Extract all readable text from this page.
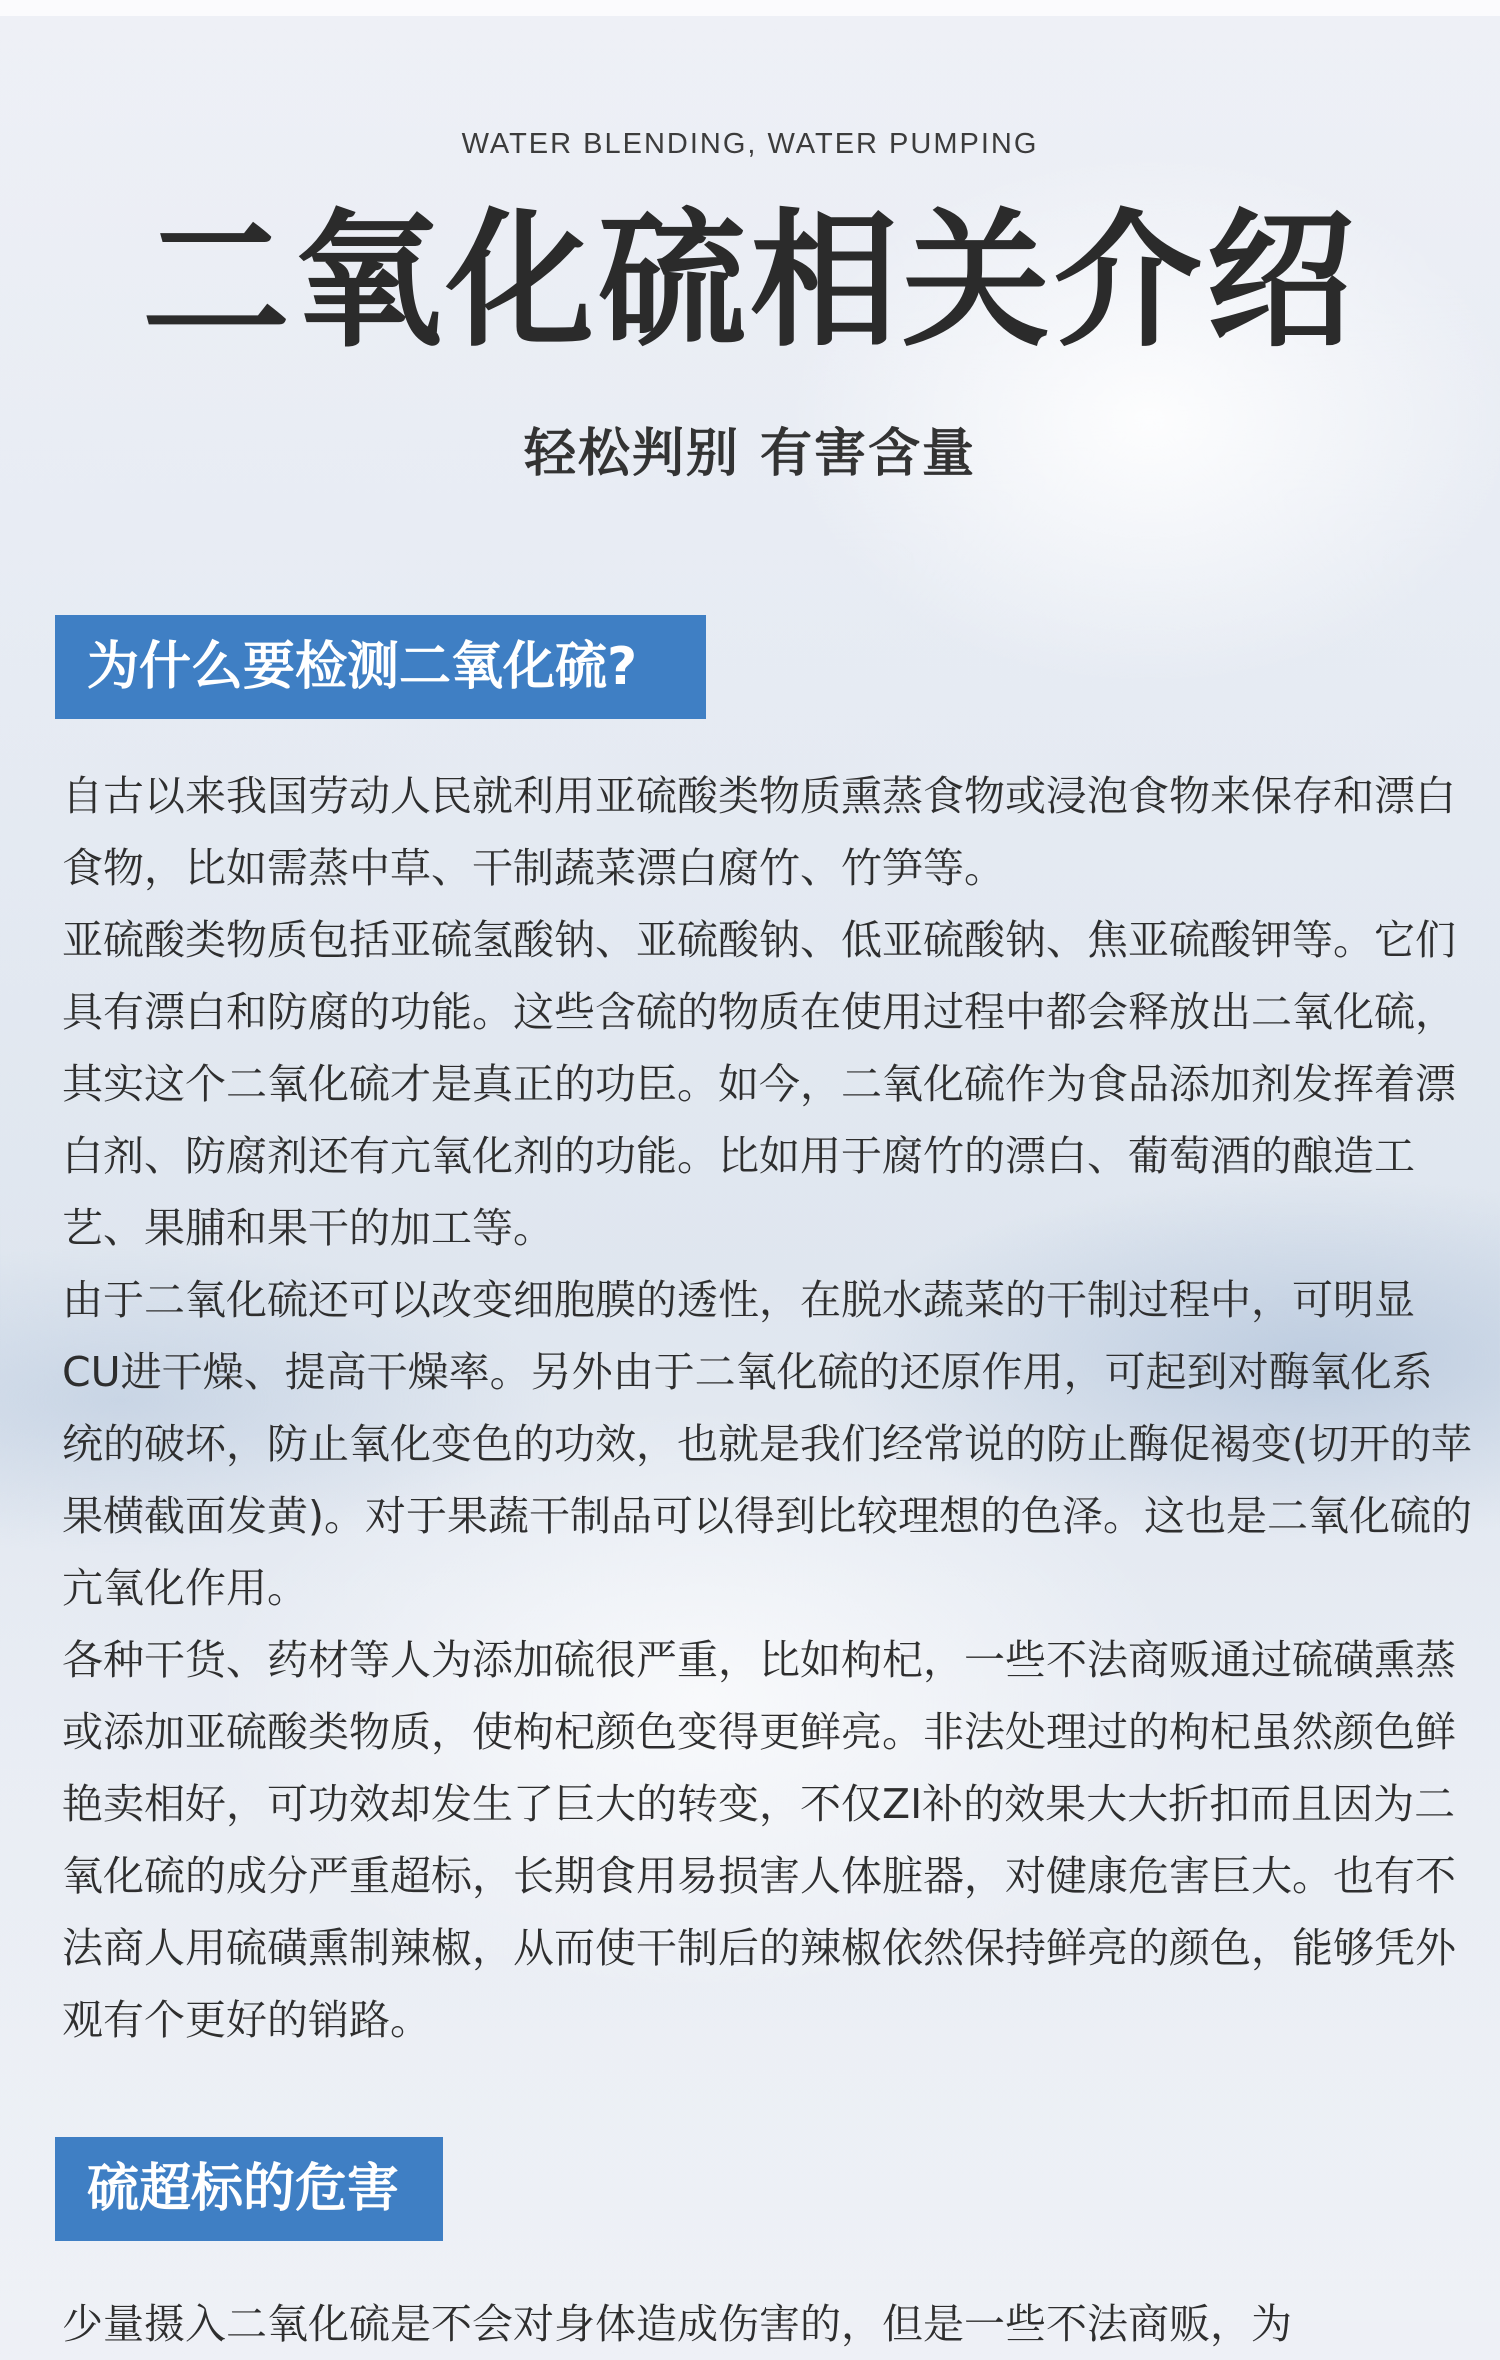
WATER BLENDING, WATER PUMPING
二氧化硫相关介绍
轻松判别 有害含量
为什么要检测二氧化硫?

自古以来我国劳动人民就利用亚硫酸类物质熏蒸食物或浸泡食物来保存和漂白食物，比如需蒸中草、干制蔬菜漂白腐竹、竹笋等。

亚硫酸类物质包括亚硫氢酸钠、亚硫酸钠、低亚硫酸钠、焦亚硫酸钾等。它们具有漂白和防腐的功能。这些含硫的物质在使用过程中都会释放出二氧化硫，其实这个二氧化硫才是真正的功臣。如今，二氧化硫作为食品添加剂发挥着漂白剂、防腐剂还有亢氧化剂的功能。比如用于腐竹的漂白、葡萄酒的酿造工艺、果脯和果干的加工等。

由于二氧化硫还可以改变细胞膜的透性，在脱水蔬菜的干制过程中，可明显CU进干燥、提高干燥率。另外由于二氧化硫的还原作用，可起到对酶氧化系统的破坏，防止氧化变色的功效，也就是我们经常说的防止酶促褐变(切开的苹果横截面发黄)。对于果蔬干制品可以得到比较理想的色泽。这也是二氧化硫的亢氧化作用。

各种干货、药材等人为添加硫很严重，比如枸杞，一些不法商贩通过硫磺熏蒸或添加亚硫酸类物质，使枸杞颜色变得更鲜亮。非法处理过的枸杞虽然颜色鲜艳卖相好，可功效却发生了巨大的转变，不仅ZI补的效果大大折扣而且因为二氧化硫的成分严重超标，长期食用易损害人体脏器，对健康危害巨大。也有不法商人用硫磺熏制辣椒，从而使干制后的辣椒依然保持鲜亮的颜色，能够凭外观有个更好的销路。

硫超标的危害

少量摄入二氧化硫是不会对身体造成伤害的，但是一些不法商贩，为
